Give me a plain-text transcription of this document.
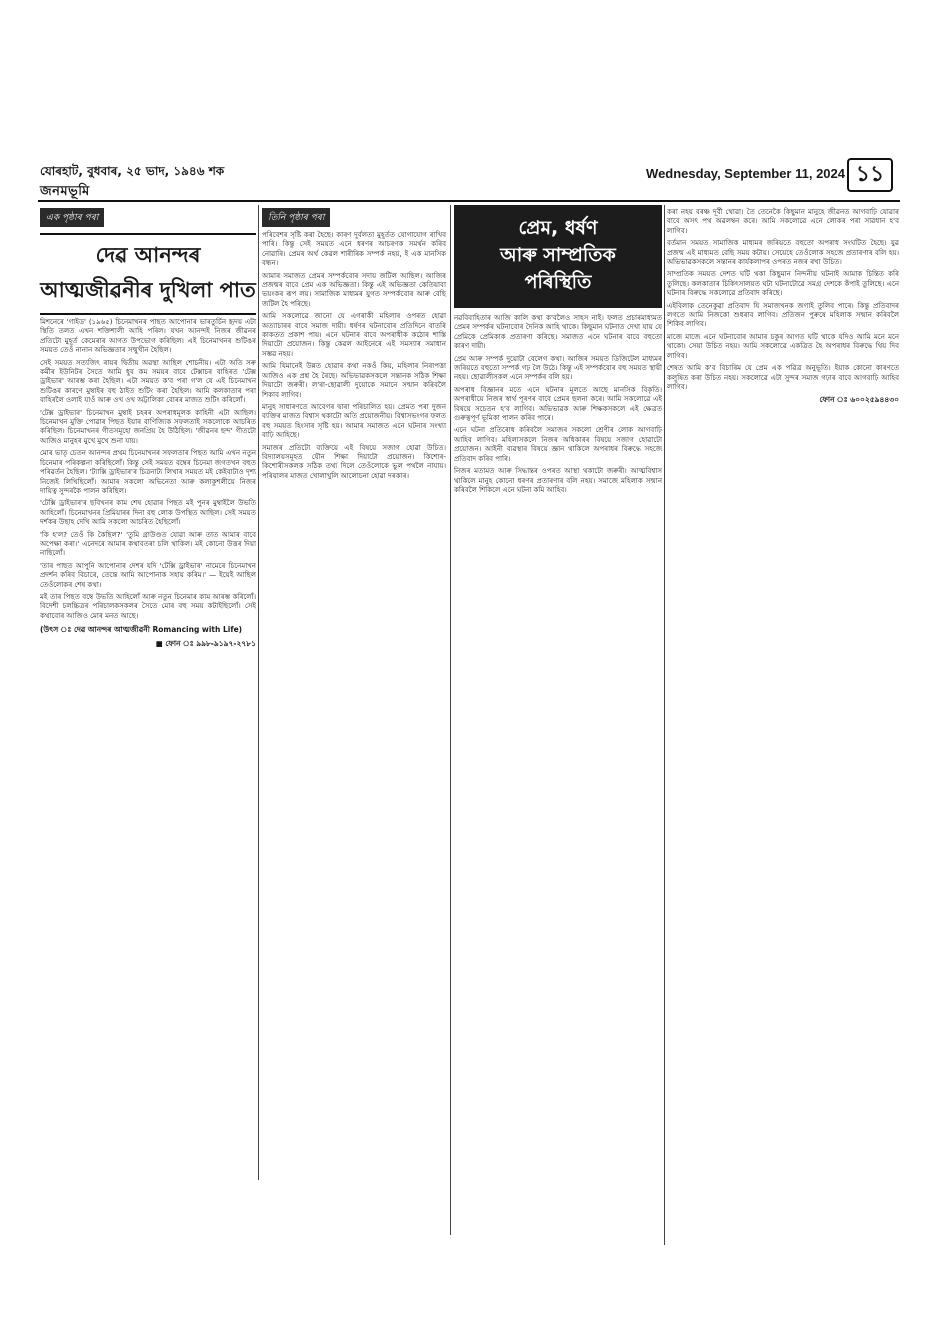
যোৰহাট, বুধবাৰ, ২৫ ভাদ, ১৯৪৬ শক
জনমভূমি
Wednesday, September 11, 2024 ১১
এক পৃষ্ঠাৰ পৰা
দেৱ আনন্দৰ
আত্মজীৱনীৰ দুখিলা পাত

মিশনেৰে 'গাইড' (১৯৬৫) চিনেমাখনৰ পাছত আপোনাৰ ভাৰতুৰ্চিন হৃদয় এটা স্থিতি তলত এখন শক্তিশালী আহি পৰিল। যখন আনন্দই নিজৰ জীৱনৰ প্ৰতিটো মুহূৰ্ত কেমেৰাৰ আগত উপভোগ কৰিছিল। এই চিনেমাখনৰ শুটিঙৰ সময়ত তেওঁ নানান অভিজ্ঞতাৰ সন্মুখীন হৈছিল।

সেই সময়ত সত্যজিৎ ৰায়ৰ দ্বিতীয় অৱস্থা আছিল শোচনীয়। এটা অতি সৰু কৰ্মীৰ ইউনিটৰ সৈতে আমি ধুব কম সময়ৰ বাবে টেক্সাচৰ বাহিৰত 'টেক্স ড্ৰাইভাৰ' আৰম্ভ কৰা হৈছিল। এটা সময়ত ক'ব পৰা গ'ল যে এই চিনেমাখন শুটিঙৰ কাৰণে মুম্বাইৰ বহু ঠাইত শুটিং কৰা হৈছিল। আমি কলকাতাৰ পৰা বাহিৰলৈ ওলাই যাওঁ আৰু ওখ ওখ অট্টালিকা বোৰৰ মাজত শুটিং কৰিলোঁ।

'টেক্স ড্ৰাইভাৰ' চিনেমাখন মুম্বাই চহৰৰ অপৰাধমূলক কাহিনী এটা আছিল। চিনেমাখন মুক্তি পোৱাৰ পিছত ইয়াৰ বাণিজ্যিক সফলতাই সকলোকে আচৰিত কৰিছিল। চিনেমাখনৰ গীতসমূহো জনপ্ৰিয় হৈ উঠিছিল। 'জীৱনৰ ছন্দ' গীতটো আজিও মানুহৰ মুখে মুখে শুনা যায়।

মোৰ ভাতৃ চেতন আনন্দৰ প্ৰথম চিনেমাখনৰ সফলতাৰ পিছত আমি এখন নতুন চিনেমাৰ পৰিকল্পনা কৰিছিলোঁ। কিন্তু সেই সময়ত বম্বেৰ চিনেমা জগতখন বহুত পৰিৱৰ্তন হৈছিল। 'ট্যাক্সি ড্ৰাইভাৰ'ৰ চিত্ৰনাট্য লিখাৰ সময়ত মই কেইবাটাও দৃশ্য নিজেই লিখিছিলোঁ। আমাৰ সকলো অভিনেতা আৰু কলাকুশলীয়ে নিজৰ দায়িত্ব সুন্দৰকৈ পালন কৰিছিল।

'টেক্সি ড্ৰাইভাৰ'ৰ ছবিখনৰ কাম শেষ হোৱাৰ পিছত মই পুনৰ মুম্বাইলৈ উভতি আহিলোঁ। চিনেমাখনৰ প্ৰিমিয়াৰৰ দিনা বহু লোক উপস্থিত আছিল। সেই সময়ত দৰ্শকৰ উছাহ দেখি আমি সকলো আচৰিত হৈছিলোঁ।

'কি হ'ল? তেওঁ কি কৈছিল?' 'তুমি গ্ৰাউণ্ডত যোৱা আৰু তাত আমাৰ বাবে অপেক্ষা কৰা।' এনেদৰে আমাৰ কথাবতৰা চলি থাকিল। মই কোনো উত্তৰ দিয়া নাছিলোঁ।

'তাৰ পাছত আপুনি আপোনাৰ দেশৰ যদি 'টেক্সি ড্ৰাইভাৰ' নামেৰে চিনেমাখন প্ৰদৰ্শন কৰিব বিচাৰে, তেন্তে আমি আপোনাক সহায় কৰিম।' — ইয়েই আছিল তেওঁলোকৰ শেষ কথা।

মই তাৰ পিছত বম্বে উভতি আহিলোঁ আৰু নতুন চিনেমাৰ কাম আৰম্ভ কৰিলোঁ। বিদেশী চলচ্চিত্ৰৰ পৰিচালকসকলৰ সৈতে মোৰ বহু সময় কটাইছিলোঁ। সেই কথাবোৰ আজিও মোৰ মনত আছে।

(উৎস ঃ দেৱ আনন্দৰ আত্মজীৱনী Romancing with Life)
■ ফোন ঃ ৯৯৮-৯১৯৭-২৭৮১
তিনি পৃষ্ঠাৰ পৰা

পৰিবেশৰ সৃষ্টি কৰা হৈছে। কাৰণ দুৰ্বলতা মুহূৰ্তত যোগাযোগ ৰাখিব পাৰি। কিন্তু সেই সময়ত এনে ধৰণৰ আচৰণক সমৰ্থন কৰিব নোৱাৰি। প্ৰেমৰ অৰ্থ কেৱল শাৰীৰিক সম্পৰ্ক নহয়, ই এক মানসিক বন্ধন।

আমাৰ সমাজত প্ৰেমৰ সম্পৰ্কবোৰ সদায় জটিল আছিল। আজিৰ প্ৰজন্মৰ বাবে প্ৰেম এক অভিজ্ঞতা। কিন্তু এই অভিজ্ঞতা কেতিয়াবা ভয়ংকৰ ৰূপ লয়। সামাজিক মাধ্যমৰ যুগত সম্পৰ্কবোৰ আৰু বেছি জটিল হৈ পৰিছে।

আমি সকলোৱে জানো যে এগৰাকী মহিলাৰ ওপৰত হোৱা অত্যাচাৰৰ বাবে সমাজ দায়ী। ধৰ্ষণৰ ঘটনাবোৰ প্ৰতিদিনে বাতৰি কাকতত প্ৰকাশ পায়। এনে ঘটনাৰ বাবে অপৰাধীক কঠোৰ শাস্তি দিয়াটো প্ৰয়োজন। কিন্তু কেৱল আইনেৰে এই সমস্যাৰ সমাধান সম্ভৱ নহয়।

আমি যিমানেই উন্নত হোৱাৰ কথা নকওঁ কিয়, মহিলাৰ নিৰাপত্তা আজিও এক প্ৰশ্ন হৈ ৰৈছে। অভিভাৱকসকলে সন্তানক সঠিক শিক্ষা দিয়াটো জৰুৰী। ল'ৰা-ছোৱালী দুয়োকে সমানে সন্মান কৰিবলৈ শিকাব লাগিব।

মানুহ সাধাৰণতে আবেগৰ দ্বাৰা পৰিচালিত হয়। প্ৰেমত পৰা দুজন ব্যক্তিৰ মাজত বিশ্বাস থকাটো অতি প্ৰয়োজনীয়। বিশ্বাসভংগৰ ফলত বহু সময়ত হিংসাৰ সৃষ্টি হয়। আমাৰ সমাজত এনে ঘটনাৰ সংখ্যা বাঢ়ি আহিছে।

সমাজৰ প্ৰতিটো ব্যক্তিয়ে এই বিষয়ে সজাগ হোৱা উচিত। বিদ্যালয়সমূহত যৌন শিক্ষা দিয়াটো প্ৰয়োজন। কিশোৰ-কিশোৰীসকলক সঠিক তথ্য দিলে তেওঁলোকে ভুল পথলৈ নাযায়। পৰিয়ালৰ মাজত খোলাখুলি আলোচনা হোৱা দৰকাৰ।

প্ৰেম, ধৰ্ষণ
আৰু সাম্প্ৰতিক
পৰিস্থিতি

নৱবিবাহিতাৰ আজি কালি কথা ক'বলৈও সাহস নাই। ফলত প্ৰচাৰমাধ্যমত প্ৰেমৰ সম্পৰ্কৰ ঘটনাবোৰ দৈনিক আহি থাকে। কিছুমান ঘটনাত দেখা যায় যে প্ৰেমিকে প্ৰেমিকাক প্ৰতাৰণা কৰিছে। সমাজত এনে ঘটনাৰ বাবে বহুতো কাৰণ দায়ী।

প্ৰেম আৰু সম্পৰ্ক দুয়োটা বেলেগ কথা। আজিৰ সময়ত ডিজিটেল মাধ্যমৰ জৰিয়তে বহুতো সম্পৰ্ক গঢ় লৈ উঠে। কিন্তু এই সম্পৰ্কবোৰ বহু সময়ত স্থায়ী নহয়। ছোৱালীসকল এনে সম্পৰ্কৰ বলি হয়।

অপৰাধ বিজ্ঞানৰ মতে এনে ঘটনাৰ মূলতে আছে মানসিক বিকৃতি। অপৰাধীয়ে নিজৰ স্বাৰ্থ পূৰণৰ বাবে প্ৰেমৰ ছলনা কৰে। আমি সকলোৱে এই বিষয়ে সচেতন হ'ব লাগিব। অভিভাৱক আৰু শিক্ষকসকলে এই ক্ষেত্ৰত গুৰুত্বপূৰ্ণ ভূমিকা পালন কৰিব পাৰে।

এনে ঘটনা প্ৰতিৰোধ কৰিবলৈ সমাজৰ সকলো শ্ৰেণীৰ লোক আগবাঢ়ি আহিব লাগিব। মহিলাসকলে নিজৰ অধিকাৰৰ বিষয়ে সজাগ হোৱাটো প্ৰয়োজন। আইনী ব্যৱস্থাৰ বিষয়ে জ্ঞান থাকিলে অপৰাধৰ বিৰুদ্ধে সহজে প্ৰতিবাদ কৰিব পাৰি।

নিজৰ মতামত আৰু সিদ্ধান্তৰ ওপৰত আস্থা থকাটো জৰুৰী। আত্মবিশ্বাস থাকিলে মানুহ কোনো ধৰণৰ প্ৰতাৰণাৰ বলি নহয়। সমাজে মহিলাক সন্মান কৰিবলৈ শিকিলে এনে ঘটনা কমি আহিব।

কৰা নহয় বৰঞ্চ দূৰ্বী থোৱা। তৈ তেনেকৈ কিছুমান মানুহে জীৱনত আগবাঢ়ি যোৱাৰ বাবে অসৎ পথ অৱলম্বন কৰে। আমি সকলোৱে এনে লোকৰ পৰা সাৱধান হ'ব লাগিব।

বৰ্তমান সময়ত সামাজিক মাধ্যমৰ জৰিয়তে বহুতো অপৰাধ সংঘটিত হৈছে। যুৱ প্ৰজন্ম এই মাধ্যমত বেছি সময় কটায়। সেয়েহে তেওঁলোক সহজে প্ৰতাৰণাৰ বলি হয়। অভিভাৱকসকলে সন্তানৰ কাৰ্যকলাপৰ ওপৰত নজৰ ৰখা উচিত।

সাম্প্ৰতিক সময়ত দেশত ঘটি থকা কিছুমান নিন্দনীয় ঘটনাই আমাক চিন্তিত কৰি তুলিছে। কলকাতাৰ চিকিৎসালয়ত ঘটা ঘটনাটোৱে সমগ্ৰ দেশকে কঁপাই তুলিছে। এনে ঘটনাৰ বিৰুদ্ধে সকলোৱে প্ৰতিবাদ কৰিছে।

এইবিলাক তেনেকুৱা প্ৰতিবাদ যি সমাজখনক জগাই তুলিব পাৰে। কিন্তু প্ৰতিবাদৰ লগতে আমি নিজকো শুধৰাব লাগিব। প্ৰতিজন পুৰুষে মহিলাক সন্মান কৰিবলৈ শিকিব লাগিব।

মাজে মাজে এনে ঘটনাবোৰ আমাৰ চকুৰ আগত ঘটি থাকে যদিও আমি মনে মনে থাকো। সেয়া উচিত নহয়। আমি সকলোৱে একত্ৰিত হৈ অপৰাধৰ বিৰুদ্ধে থিয় দিব লাগিব।

শেষত আমি ক'ব বিচাৰিম যে প্ৰেম এক পৱিত্ৰ অনুভূতি। ইয়াক কোনো কাৰণতে কলুষিত কৰা উচিত নহয়। সকলোৱে এটা সুন্দৰ সমাজ গঢ়াৰ বাবে আগবাঢ়ি আহিব লাগিব।

ফোন ঃ ৬০০২৫৯৪৪৩০
